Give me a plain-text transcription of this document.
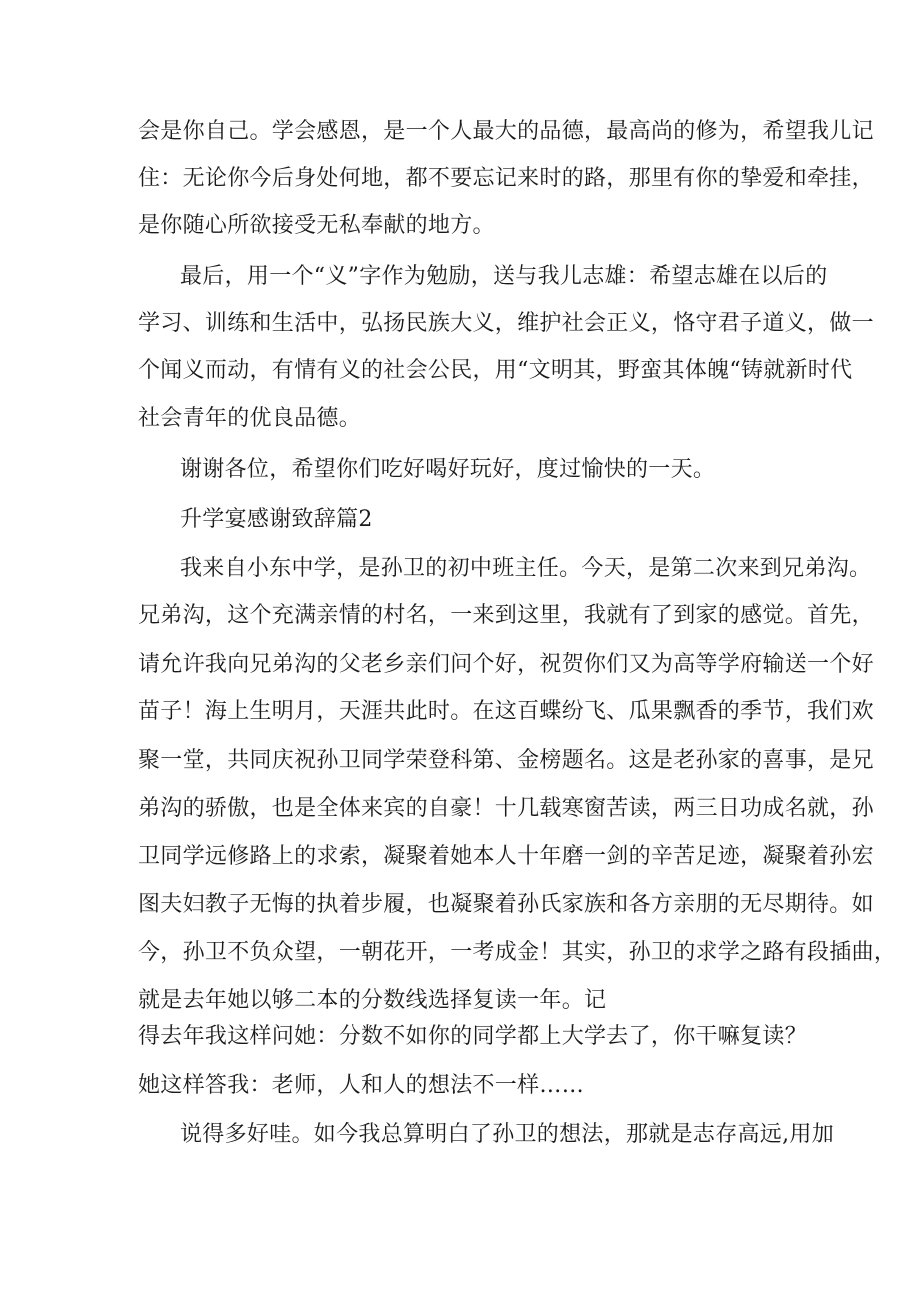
会是你自己。学会感恩，是一个人最大的品德，最高尚的修为，希望我儿记
住：无论你今后身处何地，都不要忘记来时的路，那里有你的挚爱和牵挂，
是你随心所欲接受无私奉献的地方。
最后，用一个“义”字作为勉励，送与我儿志雄：希望志雄在以后的
学习、训练和生活中，弘扬民族大义，维护社会正义，恪守君子道义，做一
个闻义而动，有情有义的社会公民，用“文明其，野蛮其体魄“铸就新时代
社会青年的优良品德。
谢谢各位，希望你们吃好喝好玩好，度过愉快的一天。
升学宴感谢致辞篇2
我来自小东中学，是孙卫的初中班主任。今天，是第二次来到兄弟沟。
兄弟沟，这个充满亲情的村名，一来到这里，我就有了到家的感觉。首先，
请允许我向兄弟沟的父老乡亲们问个好，祝贺你们又为高等学府输送一个好
苗子！海上生明月，天涯共此时。在这百蝶纷飞、瓜果飘香的季节，我们欢
聚一堂，共同庆祝孙卫同学荣登科第、金榜题名。这是老孙家的喜事，是兄
弟沟的骄傲，也是全体来宾的自豪！十几载寒窗苦读，两三日功成名就，孙
卫同学远修路上的求索，凝聚着她本人十年磨一剑的辛苦足迹，凝聚着孙宏
图夫妇教子无悔的执着步履，也凝聚着孙氏家族和各方亲朋的无尽期待。如
今，孙卫不负众望，一朝花开，一考成金！其实，孙卫的求学之路有段插曲，
就是去年她以够二本的分数线选择复读一年。记
得去年我这样问她：分数不如你的同学都上大学去了，你干嘛复读？
她这样答我：老师，人和人的想法不一样……
说得多好哇。如今我总算明白了孙卫的想法，那就是志存高远,用加
